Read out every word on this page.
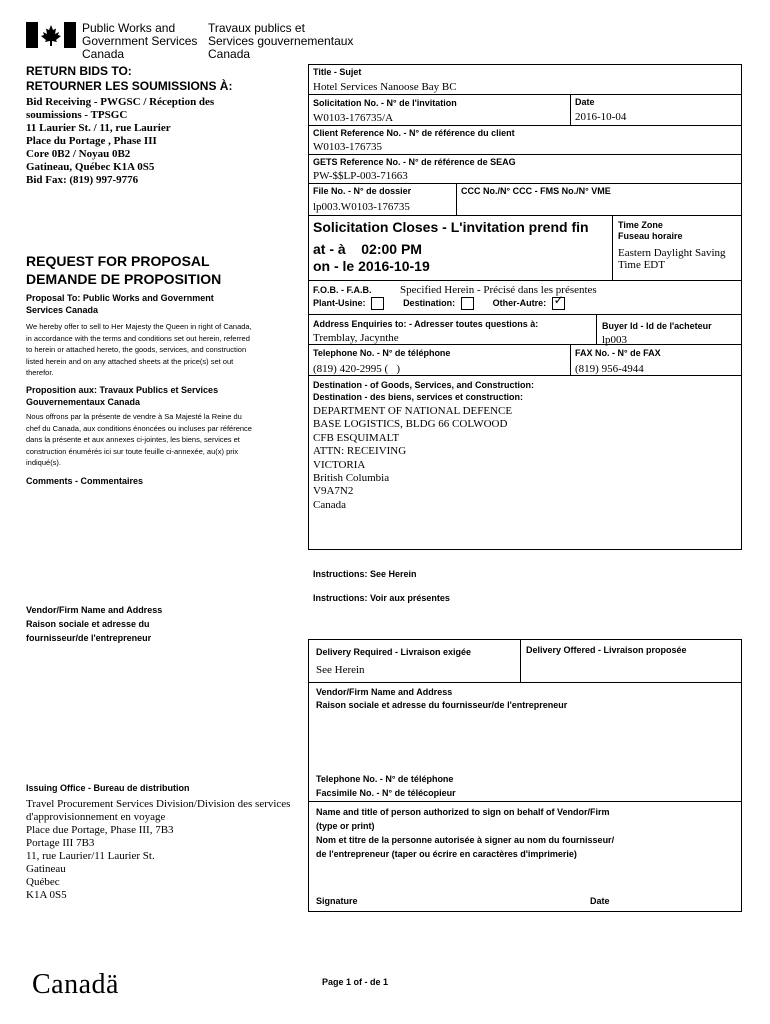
Public Works and
Government Services
Canada
Travaux publics et
Services gouvernementaux
Canada
RETURN BIDS TO:
RETOURNER LES SOUMISSIONS À:
Bid Receiving - PWGSC / Réception des
soumissions - TPSGC
11 Laurier St. / 11, rue Laurier
Place du Portage , Phase III
Core 0B2 / Noyau 0B2
Gatineau, Québec K1A 0S5
Bid Fax: (819) 997-9776
REQUEST FOR PROPOSAL
DEMANDE DE PROPOSITION
Proposal To: Public Works and Government Services Canada
We hereby offer to sell to Her Majesty the Queen in right of Canada, in accordance with the terms and conditions set out herein, referred to herein or attached hereto, the goods, services, and construction listed herein and on any attached sheets at the price(s) set out therefor.
Proposition aux: Travaux Publics et Services Gouvernementaux Canada
Nous offrons par la présente de vendre à Sa Majesté la Reine du chef du Canada, aux conditions énoncées ou incluses par référence dans la présente et aux annexes ci-jointes, les biens, services et construction énumérés ici sur toute feuille ci-annexée, au(x) prix indiqué(s).
Comments - Commentaires
Vendor/Firm Name and Address
Raison sociale et adresse du
fournisseur/de l'entrepreneur
Issuing Office - Bureau de distribution
Travel Procurement Services Division/Division des services
d'approvisionnement en voyage
Place due Portage, Phase III, 7B3
Portage III 7B3
11, rue Laurier/11 Laurier St.
Gatineau
Québec
K1A 0S5
Title - Sujet
Hotel Services Nanoose Bay BC
Solicitation No. - N° de l'invitation
W0103-176735/A
Date
2016-10-04
Client Reference No. - N° de référence du client
W0103-176735
GETS Reference No. - N° de référence de SEAG
PW-$$LP-003-71663
File No. - N° de dossier
lp003.W0103-176735
CCC No./N° CCC - FMS No./N° VME
Solicitation Closes - L'invitation prend fin
at - à 02:00 PM
on - le 2016-10-19
Time Zone
Fuseau horaire
Eastern Daylight Saving
Time EDT
F.O.B. - F.A.B.	Specified Herein - Précisé dans les présentes
Plant-Usine:	Destination:	Other-Autre: ✓
Address Enquiries to: - Adresser toutes questions à:
Tremblay, Jacynthe
Buyer Id - Id de l'acheteur
lp003
Telephone No. - N° de téléphone
(819) 420-2995 (   )
FAX No. - N° de FAX
(819) 956-4944
Destination - of Goods, Services, and Construction:
Destination - des biens, services et construction:
DEPARTMENT OF NATIONAL DEFENCE
BASE LOGISTICS, BLDG 66 COLWOOD
CFB ESQUIMALT
ATTN: RECEIVING
VICTORIA
British Columbia
V9A7N2
Canada
Instructions: See Herein
Instructions: Voir aux présentes
Delivery Required - Livraison exigée
See Herein
Delivery Offered - Livraison proposée
Vendor/Firm Name and Address
Raison sociale et adresse du fournisseur/de l'entrepreneur
Telephone No. - N° de téléphone
Facsimile No. - N° de télécopieur
Name and title of person authorized to sign on behalf of Vendor/Firm
(type or print)
Nom et titre de la personne autorisée à signer au nom du fournisseur/
de l'entrepreneur (taper ou écrire en caractères d'imprimerie)
Signature	Date
Canadä	Page 1 of - de 1
